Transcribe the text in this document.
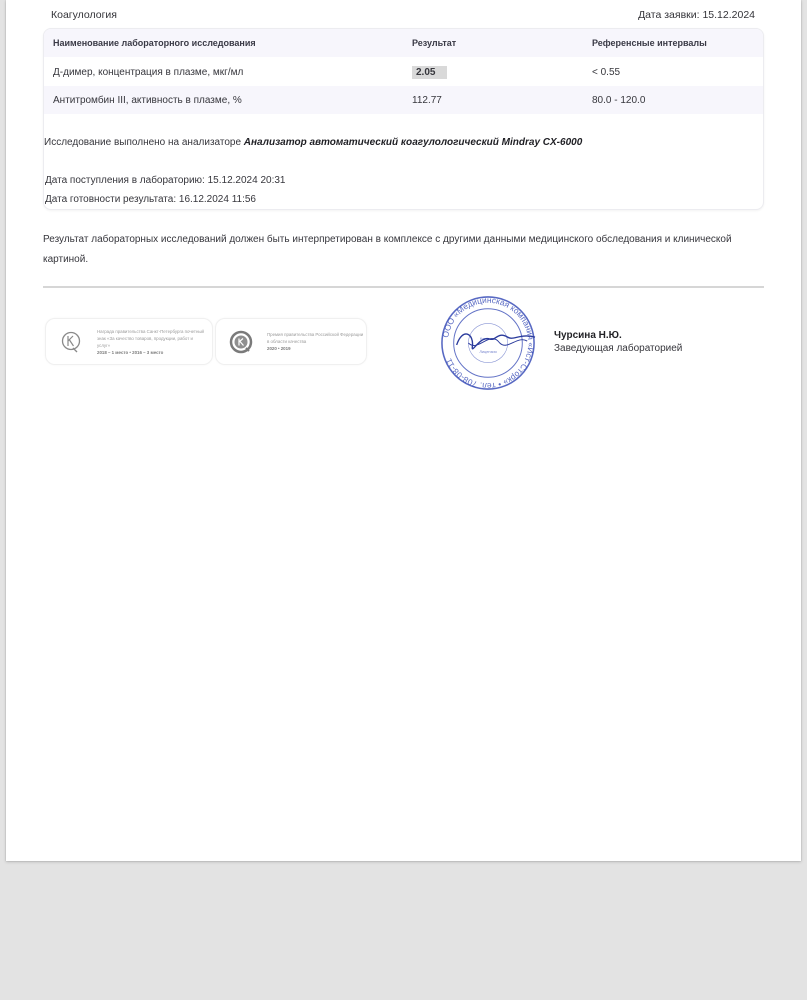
Коагулология	Дата заявки: 15.12.2024
Наименование лабораторного исследования	Результат	Референсные интервалы
Д-димер, концентрация в плазме, мкг/мл	2.05	< 0.55
Антитромбин III, активность в плазме, %	112.77	80.0 - 120.0
Исследование выполнено на анализаторе Анализатор автоматический коагулологический Mindray CX-6000
Дата поступления в лабораторию: 15.12.2024 20:31
Дата готовности результата: 16.12.2024 11:56
Результат лабораторных исследований должен быть интерпретирован в комплексе с другими данными медицинского обследования и клинической картиной.
Награда правительства Санкт-Петербурга почетный знак «За качество товаров, продукции, работ и услуг»
2018 – 1 место • 2016 – 3 место
Премия правительства Российской Федерации в области качества
2020 • 2019
ООО «Медицинская компания «Ист-Сторк» • тел. 708-08-11
Клинико-
Лицензия
Чурсина Н.Ю.
Заведующая лабораторией
